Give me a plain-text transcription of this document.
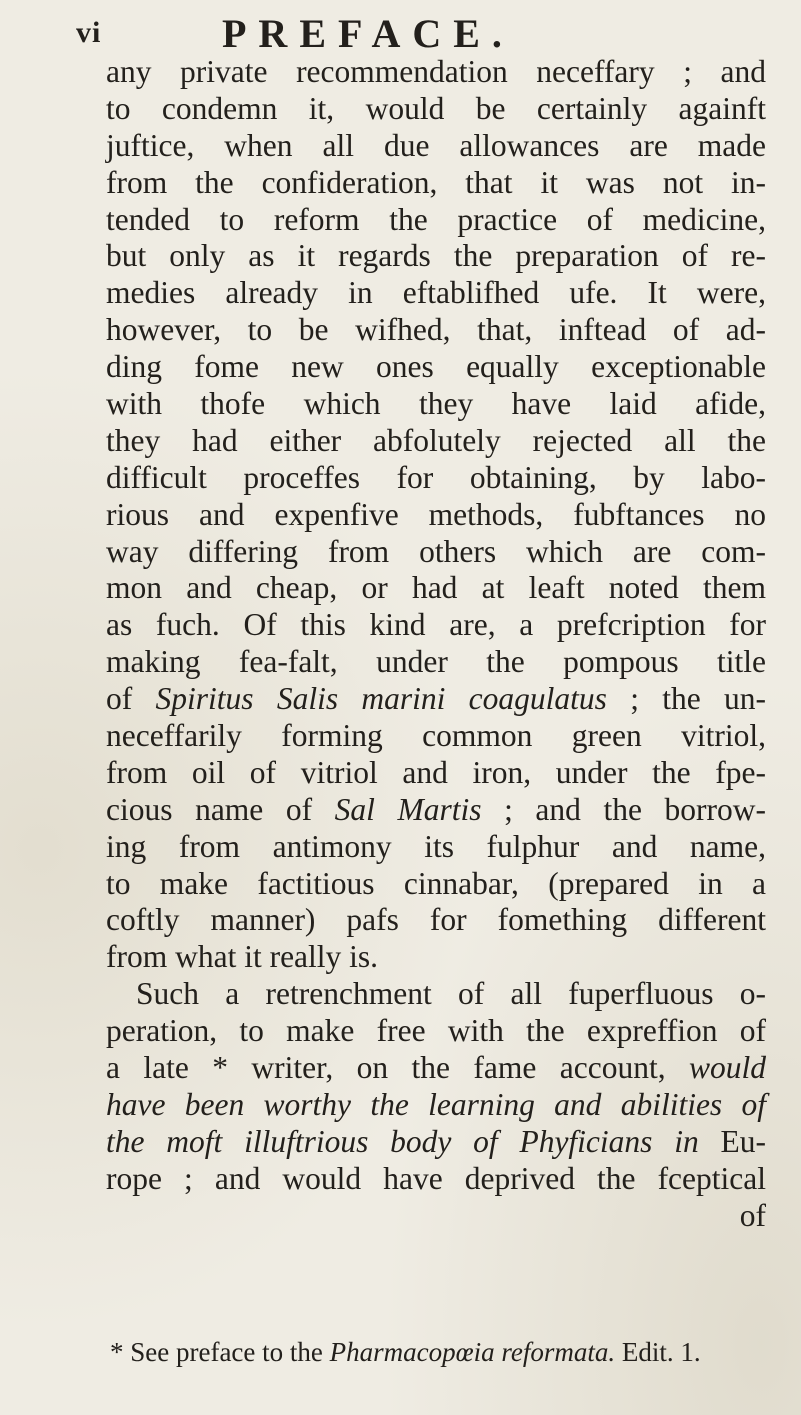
vi	PREFACE.
any private recommendation neceffary ; and
to condemn it, would be certainly againft
juftice, when all due allowances are made
from the confideration, that it was not in-
tended to reform the practice of medicine,
but only as it regards the preparation of re-
medies already in eftablifhed ufe. It were,
however, to be wifhed, that, inftead of ad-
ding fome new ones equally exceptionable
with thofe which they have laid afide,
they had either abfolutely rejected all the
difficult proceffes for obtaining, by labo-
rious and expenfive methods, fubftances no
way differing from others which are com-
mon and cheap, or had at leaft noted them
as fuch. Of this kind are, a prefcription for
making fea-falt, under the pompous title
of Spiritus Salis marini coagulatus ; the un-
neceffarily forming common green vitriol,
from oil of vitriol and iron, under the fpe-
cious name of Sal Martis ; and the borrow-
ing from antimony its fulphur and name,
to make factitious cinnabar, (prepared in a
coftly manner) pafs for fomething different
from what it really is.
Such a retrenchment of all fuperfluous o-
peration, to make free with the expreffion of
a late * writer, on the fame account, would
have been worthy the learning and abilities of
the moft illuftrious body of Phyficians in Eu-
rope ; and would have deprived the fceptical
of
* See preface to the Pharmacopœia reformata. Edit. 1.
